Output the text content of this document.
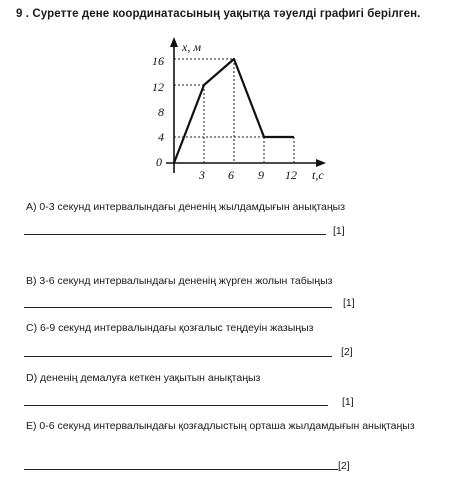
9 . Суретте дене координатасының уақытқа тәуелді графигі берілген.
x, м
t,c
16
12
8
4
0
3 6 9 12
A) 0-3 секунд интервалындағы дененің жылдамдығын анықтаңыз
[1]
B) 3-6 секунд интервалындағы дененің жүрген жолын табыңыз
[1]
C) 6-9 секунд интервалындағы қозғалыс теңдеуін жазыңыз
[2]
D) дененің демалуға кеткен уақытын анықтаңыз
[1]
E) 0-6 секунд интервалындағы қозғадлыстың орташа жылдамдығын анықтаңыз
[2]
